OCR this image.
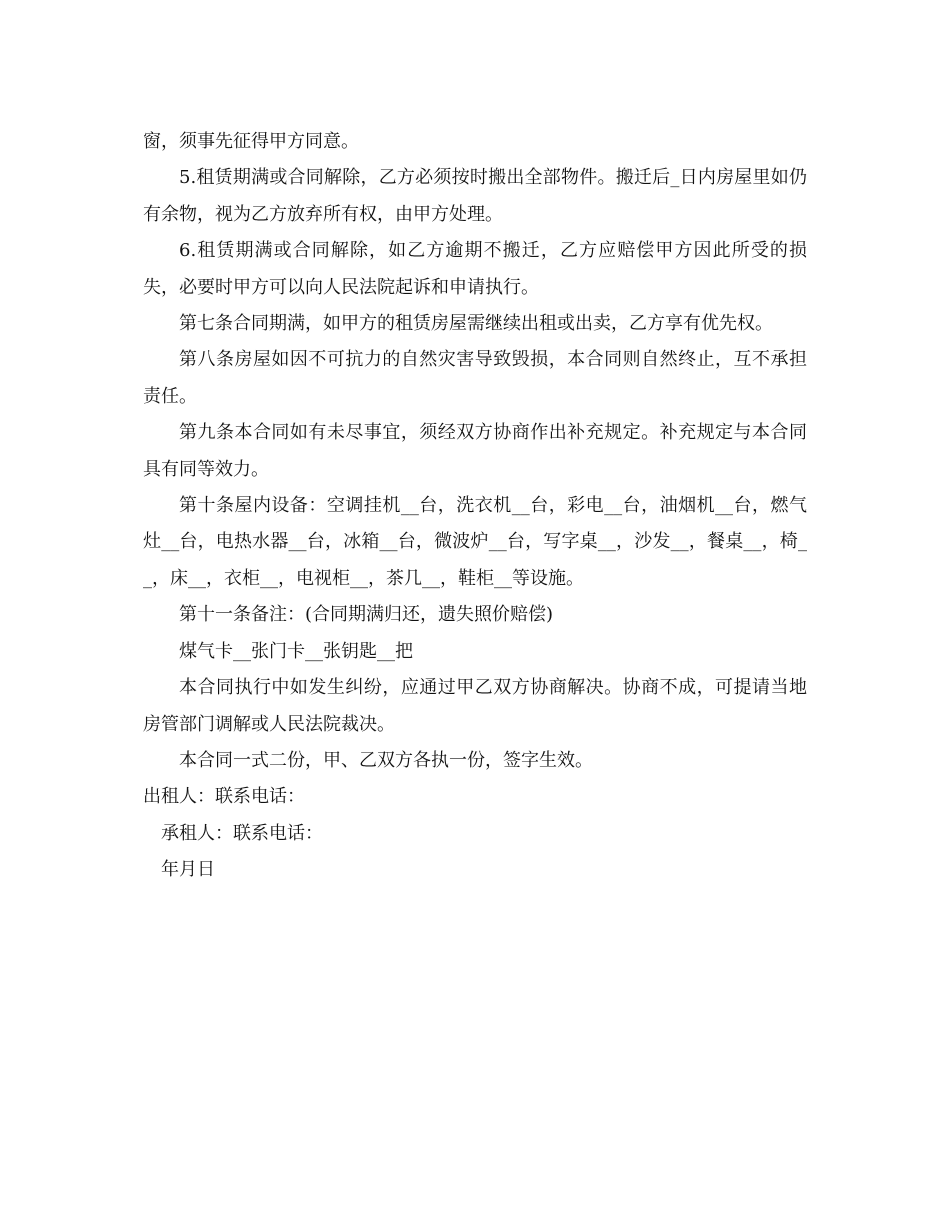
窗，须事先征得甲方同意。

5.租赁期满或合同解除，乙方必须按时搬出全部物件。搬迁后_日内房屋里如仍有余物，视为乙方放弃所有权，由甲方处理。

6.租赁期满或合同解除，如乙方逾期不搬迁，乙方应赔偿甲方因此所受的损失，必要时甲方可以向人民法院起诉和申请执行。

第七条合同期满，如甲方的租赁房屋需继续出租或出卖，乙方享有优先权。

第八条房屋如因不可抗力的自然灾害导致毁损，本合同则自然终止，互不承担责任。

第九条本合同如有未尽事宜，须经双方协商作出补充规定。补充规定与本合同具有同等效力。

第十条屋内设备：空调挂机__台，洗衣机__台，彩电__台，油烟机__台，燃气灶__台，电热水器__台，冰箱__台，微波炉__台，写字桌__，沙发__，餐桌__，椅__，床__，衣柜__，电视柜__，茶几__，鞋柜__等设施。

第十一条备注：(合同期满归还，遗失照价赔偿)

煤气卡__张门卡__张钥匙__把

本合同执行中如发生纠纷，应通过甲乙双方协商解决。协商不成，可提请当地房管部门调解或人民法院裁决。

本合同一式二份，甲、乙双方各执一份，签字生效。

出租人：联系电话：

承租人：联系电话：

年月日
